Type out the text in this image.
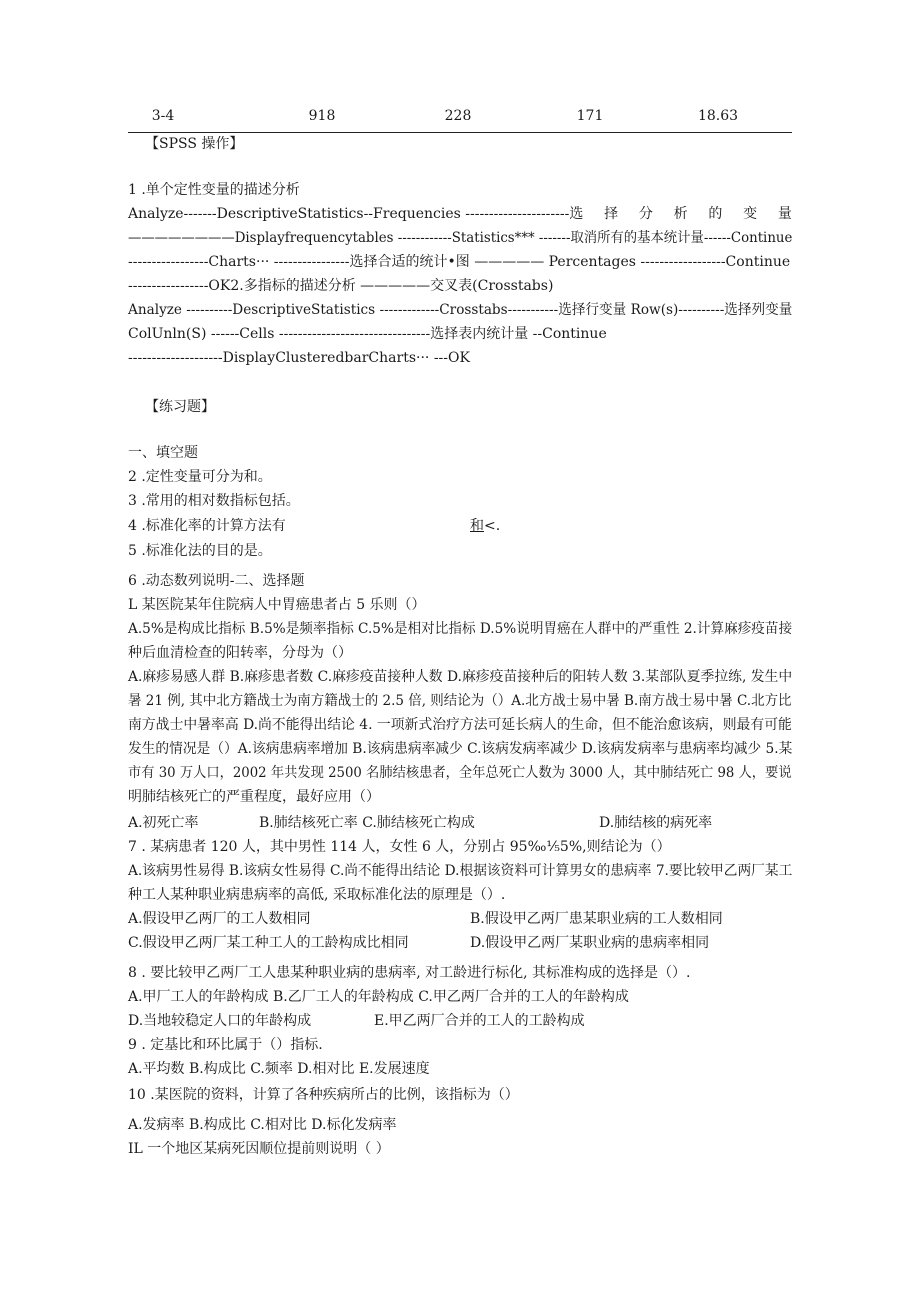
3-4	918	228	171	18.63
【SPSS 操作】
1 .单个定性变量的描述分析
Analyze-------DescriptiveStatistics--Frequencies ----------------------选 择 分 析 的 变 量
————————Displayfrequencytables ------------Statistics*** -------取消所有的基本统计量------Continue
-----------------Charts··· ----------------选择合适的统计•图 ————— Percentages ------------------Continue
-----------------OK2.多指标的描述分析 —————交叉表(Crosstabs)
Analyze ----------DescriptiveStatistics -------------Crosstabs-----------选择行变量 Row(s)----------选择列变量
ColUnln(S) ------Cells --------------------------------选择表内统计量 --Continue
--------------------DisplayClusteredbarCharts··· ---OK
【练习题】
一、填空题
2 .定性变量可分为和。
3 .常用的相对数指标包括。
4 .标准化率的计算方法有	和 <.
5 .标准化法的目的是。
6 .动态数列说明-二、选择题
L 某医院某年住院病人中胃癌患者占 5 乐则（）
A.5%是构成比指标 B.5%是频率指标 C.5%是相对比指标 D.5%说明胃癌在人群中的严重性 2.计算麻疹疫苗接
种后血清检查的阳转率，分母为（）
A.麻疹易感人群 B.麻疹患者数 C.麻疹疫苗接种人数 D.麻疹疫苗接种后的阳转人数 3.某部队夏季拉练, 发生中
暑 21 例, 其中北方籍战士为南方籍战士的 2.5 倍, 则结论为（）A.北方战士易中暑 B.南方战士易中暑 C.北方比
南方战士中暑率高 D.尚不能得出结论 4. 一项新式治疗方法可延长病人的生命，但不能治愈该病，则最有可能
发生的情况是（）A.该病患病率增加 B.该病患病率减少 C.该病发病率减少 D.该病发病率与患病率均减少 5.某
市有 30 万人口，2002 年共发现 2500 名肺结核患者，全年总死亡人数为 3000 人，其中肺结死亡 98 人，要说
明肺结核死亡的严重程度，最好应用（）
A.初死亡率	B.肺结核死亡率 C.肺结核死亡构成	D.肺结核的病死率
7 . 某病患者 120 人，其中男性 114 人，女性 6 人，分别占 95‰⅕5%,则结论为（）
A.该病男性易得 B.该病女性易得 C.尚不能得出结论 D.根据该资料可计算男女的患病率 7.要比较甲乙两厂某工
种工人某种职业病患病率的高低, 采取标准化法的原理是（）.
A.假设甲乙两厂的工人数相同	B.假设甲乙两厂患某职业病的工人数相同
C.假设甲乙两厂某工种工人的工龄构成比相同	D.假设甲乙两厂某职业病的患病率相同
8 . 要比较甲乙两厂工人患某种职业病的患病率, 对工龄进行标化, 其标准构成的选择是（）.
A.甲厂工人的年龄构成 B.乙厂工人的年龄构成 C.甲乙两厂合并的工人的年龄构成
D.当地较稳定人口的年龄构成	E.甲乙两厂合并的工人的工龄构成
9 . 定基比和环比属于（）指标.
A.平均数 B.构成比 C.频率 D.相对比 E.发展速度
10 .某医院的资料，计算了各种疾病所占的比例，该指标为（）
A.发病率 B.构成比 C.相对比 D.标化发病率
IL 一个地区某病死因顺位提前则说明（ ）
